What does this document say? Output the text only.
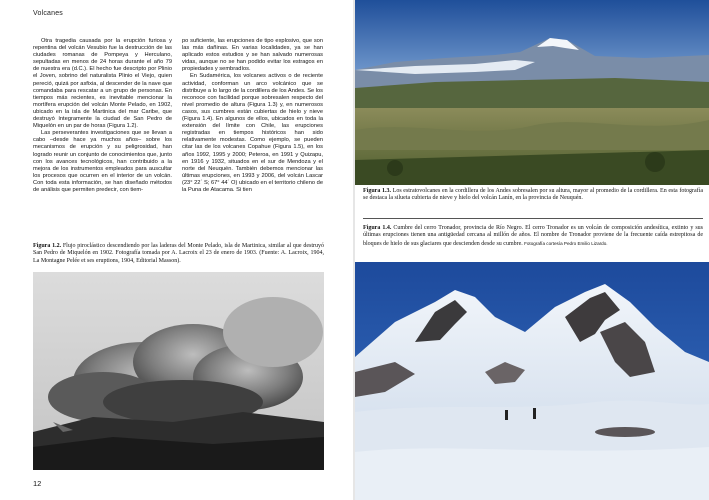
Volcanes

Otra tragedia causada por la erupción furiosa y repentina del volcán Vesubio fue la destrucción de las ciudades romanas de Pompeya y Herculano, sepultadas en menos de 24 horas durante el año 79 de nuestra era (d.C.). El hecho fue descripto por Plinio el Joven, sobrino del naturalista Plinio el Viejo, quien pereció, quizá por asfixia, al descender de la nave que comandaba para rescatar a un grupo de personas. En tiempos más recientes, es inevitable mencionar la mortífera erupción del volcán Monte Pelado, en 1902, ubicado en la isla de Martinica del mar Caribe, que destruyó íntegramente la ciudad de San Pedro de Miquelón en un par de horas (Figura 1.2).

Las perseverantes investigaciones que se llevan a cabo –desde hace ya muchos años– sobre los mecanismos de erupción y su peligrosidad, han logrado reunir un conjunto de conocimientos que, junto con los avances tecnológicos, han contribuido a la mejora de los instrumentos empleados para auscultar los procesos que ocurren en el interior de un volcán. Con toda esta información, se han diseñado métodos de análisis que permiten predecir, con tiem-

po suficiente, las erupciones de tipo explosivo, que son las más dañinas. En varias localidades, ya se han aplicado estos estudios y se han salvado numerosas vidas, aunque no se han podido evitar los estragos en propiedades y sembradíos.

En Sudamérica, los volcanes activos o de reciente actividad, conforman un arco volcánico que se distribuye a lo largo de la cordillera de los Andes. Se los reconoce con facilidad porque sobresalen respecto del nivel promedio de altura (Figura 1.3) y, en numerosos casos, sus cumbres están cubiertas de hielo y nieve (Figura 1.4). En algunos de ellos, ubicados en toda la extensión del límite con Chile, las erupciones registradas en tiempos históricos han sido relativamente modestas. Como ejemplo, se pueden citar las de los volcanes Copahue (Figura 1.5), en los años 1992, 1995 y 2000; Peteroa, en 1991 y Quizapu, en 1916 y 1932, situados en el sur de Mendoza y el norte del Neuquén. También debemos mencionar las últimas erupciones, en 1993 y 2006, del volcán Lascar (23° 22´ S; 67° 44´ O) ubicado en el territorio chileno de la Puna de Atacama. Si tien

Figura 1.2. Flujo piroclástico descendiendo por las laderas del Monte Pelado, isla de Martinica, similar al que destruyó San Pedro de Miquelón en 1902. Fotografía tomada por A. Lacroix el 23 de enero de 1903. (Fuente: A. Lacroix, 1904, La Montagne Pelée et ses eruptions, 1904, Editorial Masson).
12
Figura 1.3. Los estratovolcanes en la cordillera de los Andes sobresalen por su altura, mayor al promedio de la cordillera. En esta fotografía se destaca la silueta cubierta de nieve y hielo del volcán Lanín, en la provincia de Neuquén.
Figura 1.4. Cumbre del cerro Tronador, provincia de Río Negro. El cerro Tronador es un volcán de composición andesítica, extinto y sus últimas erupciones tienen una antigüedad cercana al millón de años. El nombre de Tronador proviene de la frecuente caída estrepitosa de bloques de hielo de sus glaciares que descienden desde su cumbre. Fotografía cortesía Pedro Emilio Lizardo.
